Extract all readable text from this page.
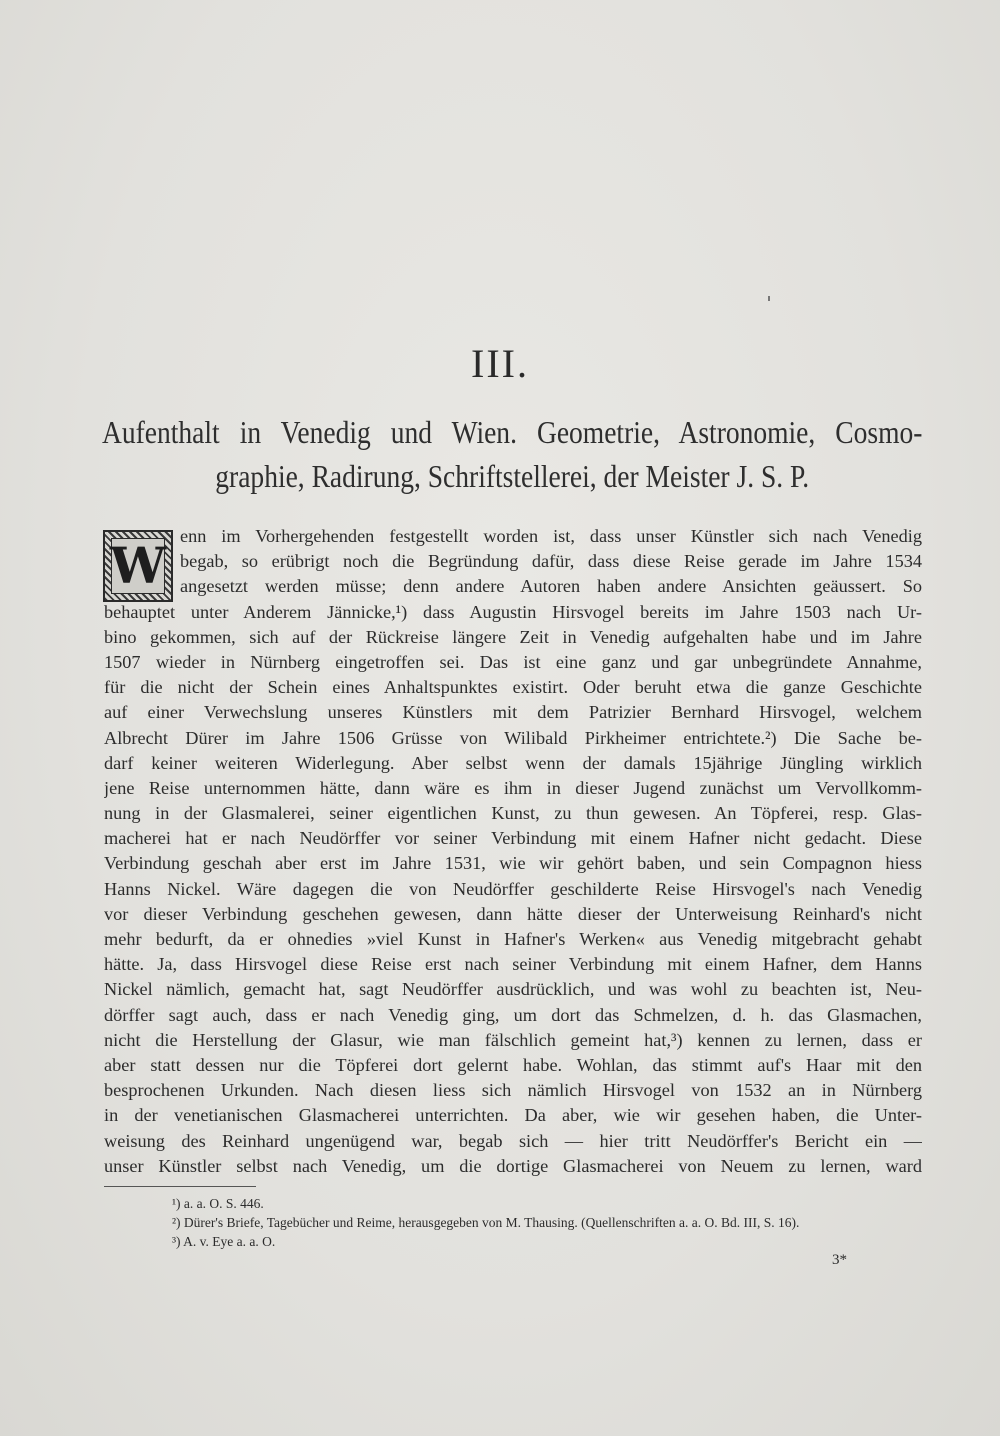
III.
Aufenthalt in Venedig und Wien. Geometrie, Astronomie, Cosmo-
graphie, Radirung, Schriftstellerei, der Meister J. S. P.
W enn im Vorhergehenden festgestellt worden ist, dass unser Künstler sich nach Venedig
begab, so erübrigt noch die Begründung dafür, dass diese Reise gerade im Jahre 1534
angesetzt werden müsse; denn andere Autoren haben andere Ansichten geäussert. So
behauptet unter Anderem Jännicke,¹) dass Augustin Hirsvogel bereits im Jahre 1503 nach Ur-
bino gekommen, sich auf der Rückreise längere Zeit in Venedig aufgehalten habe und im Jahre
1507 wieder in Nürnberg eingetroffen sei. Das ist eine ganz und gar unbegründete Annahme,
für die nicht der Schein eines Anhaltspunktes existirt. Oder beruht etwa die ganze Geschichte
auf einer Verwechslung unseres Künstlers mit dem Patrizier Bernhard Hirsvogel, welchem
Albrecht Dürer im Jahre 1506 Grüsse von Wilibald Pirkheimer entrichtete.²) Die Sache be-
darf keiner weiteren Widerlegung. Aber selbst wenn der damals 15jährige Jüngling wirklich
jene Reise unternommen hätte, dann wäre es ihm in dieser Jugend zunächst um Vervollkomm-
nung in der Glasmalerei, seiner eigentlichen Kunst, zu thun gewesen. An Töpferei, resp. Glas-
macherei hat er nach Neudörffer vor seiner Verbindung mit einem Hafner nicht gedacht. Diese
Verbindung geschah aber erst im Jahre 1531, wie wir gehört baben, und sein Compagnon hiess
Hanns Nickel. Wäre dagegen die von Neudörffer geschilderte Reise Hirsvogel's nach Venedig
vor dieser Verbindung geschehen gewesen, dann hätte dieser der Unterweisung Reinhard's nicht
mehr bedurft, da er ohnedies »viel Kunst in Hafner's Werken« aus Venedig mitgebracht gehabt
hätte. Ja, dass Hirsvogel diese Reise erst nach seiner Verbindung mit einem Hafner, dem Hanns
Nickel nämlich, gemacht hat, sagt Neudörffer ausdrücklich, und was wohl zu beachten ist, Neu-
dörffer sagt auch, dass er nach Venedig ging, um dort das Schmelzen, d. h. das Glasmachen,
nicht die Herstellung der Glasur, wie man fälschlich gemeint hat,³) kennen zu lernen, dass er
aber statt dessen nur die Töpferei dort gelernt habe. Wohlan, das stimmt auf's Haar mit den
besprochenen Urkunden. Nach diesen liess sich nämlich Hirsvogel von 1532 an in Nürnberg
in der venetianischen Glasmacherei unterrichten. Da aber, wie wir gesehen haben, die Unter-
weisung des Reinhard ungenügend war, begab sich — hier tritt Neudörffer's Bericht ein —
unser Künstler selbst nach Venedig, um die dortige Glasmacherei von Neuem zu lernen, ward
¹) a. a. O. S. 446.
²) Dürer's Briefe, Tagebücher und Reime, herausgegeben von M. Thausing. (Quellenschriften a. a. O. Bd. III, S. 16).
³) A. v. Eye a. a. O.
3*
